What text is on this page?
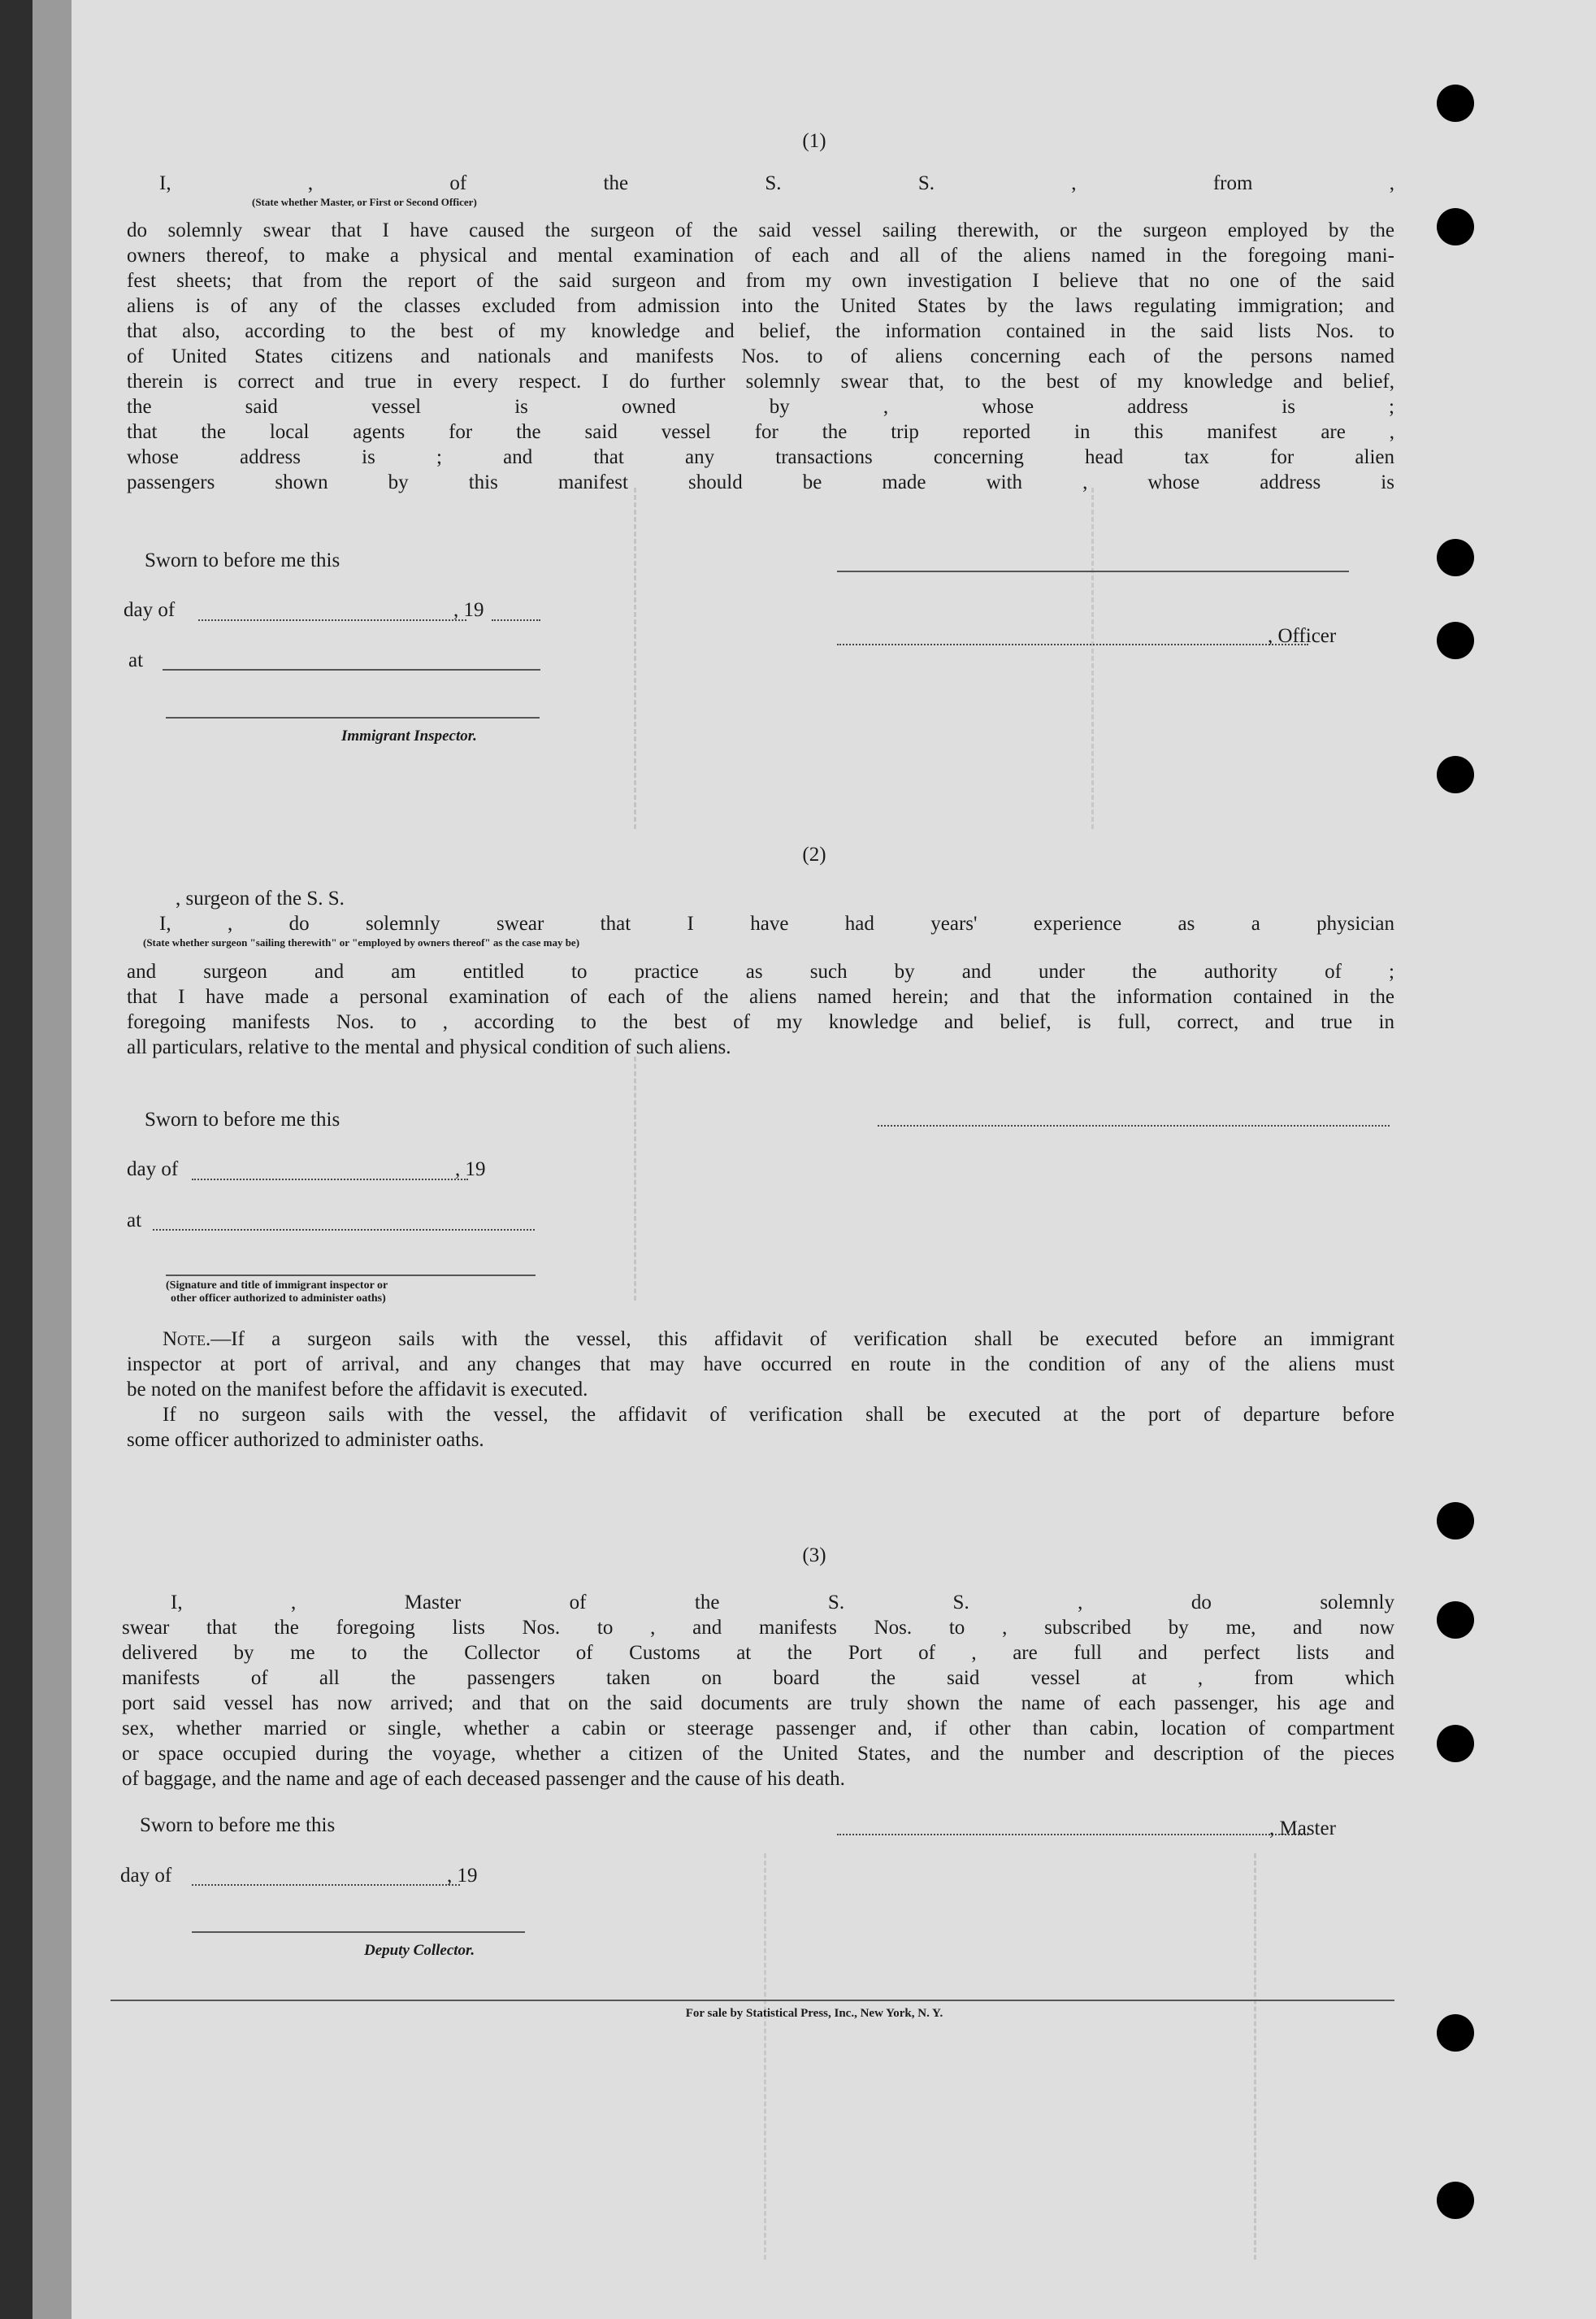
(1)
I, , of the S. S. , from ,
(State whether Master, or First or Second Officer)
do solemnly swear that I have caused the surgeon of the said vessel sailing therewith, or the surgeon employed by the
owners thereof, to make a physical and mental examination of each and all of the aliens named in the foregoing mani-
fest sheets; that from the report of the said surgeon and from my own investigation I believe that no one of the said
aliens is of any of the classes excluded from admission into the United States by the laws regulating immigration; and
that also, according to the best of my knowledge and belief, the information contained in the said lists Nos. to
of United States citizens and nationals and manifests Nos. to of aliens concerning each of the persons named
therein is correct and true in every respect. I do further solemnly swear that, to the best of my knowledge and belief,
the said vessel is owned by , whose address is ;
that the local agents for the said vessel for the trip reported in this manifest are ,
whose address is ; and that any transactions concerning head tax for alien
passengers shown by this manifest should be made with , whose address is
Sworn to before me this
day of	, 19
at
Immigrant Inspector.
, Officer
(2)
, surgeon of the S. S.
I, , do solemnly swear that I have had years' experience as a physician
(State whether surgeon "sailing therewith" or "employed by owners thereof" as the case may be)
and surgeon and am entitled to practice as such by and under the authority of ;
that I have made a personal examination of each of the aliens named herein; and that the information contained in the
foregoing manifests Nos. to , according to the best of my knowledge and belief, is full, correct, and true in
all particulars, relative to the mental and physical condition of such aliens.
Sworn to before me this
day of	, 19
at
(Signature and title of immigrant inspector or
other officer authorized to administer oaths)
Note.—If a surgeon sails with the vessel, this affidavit of verification shall be executed before an immigrant
inspector at port of arrival, and any changes that may have occurred en route in the condition of any of the aliens must
be noted on the manifest before the affidavit is executed.
If no surgeon sails with the vessel, the affidavit of verification shall be executed at the port of departure before
some officer authorized to administer oaths.
(3)
I, , Master of the S. S. , do solemnly
swear that the foregoing lists Nos. to , and manifests Nos. to , subscribed by me, and now
delivered by me to the Collector of Customs at the Port of , are full and perfect lists and
manifests of all the passengers taken on board the said vessel at , from which
port said vessel has now arrived; and that on the said documents are truly shown the name of each passenger, his age and
sex, whether married or single, whether a cabin or steerage passenger and, if other than cabin, location of compartment
or space occupied during the voyage, whether a citizen of the United States, and the number and description of the pieces
of baggage, and the name and age of each deceased passenger and the cause of his death.
Sworn to before me this
day of	, 19
Deputy Collector.
, Master
For sale by Statistical Press, Inc., New York, N. Y.
